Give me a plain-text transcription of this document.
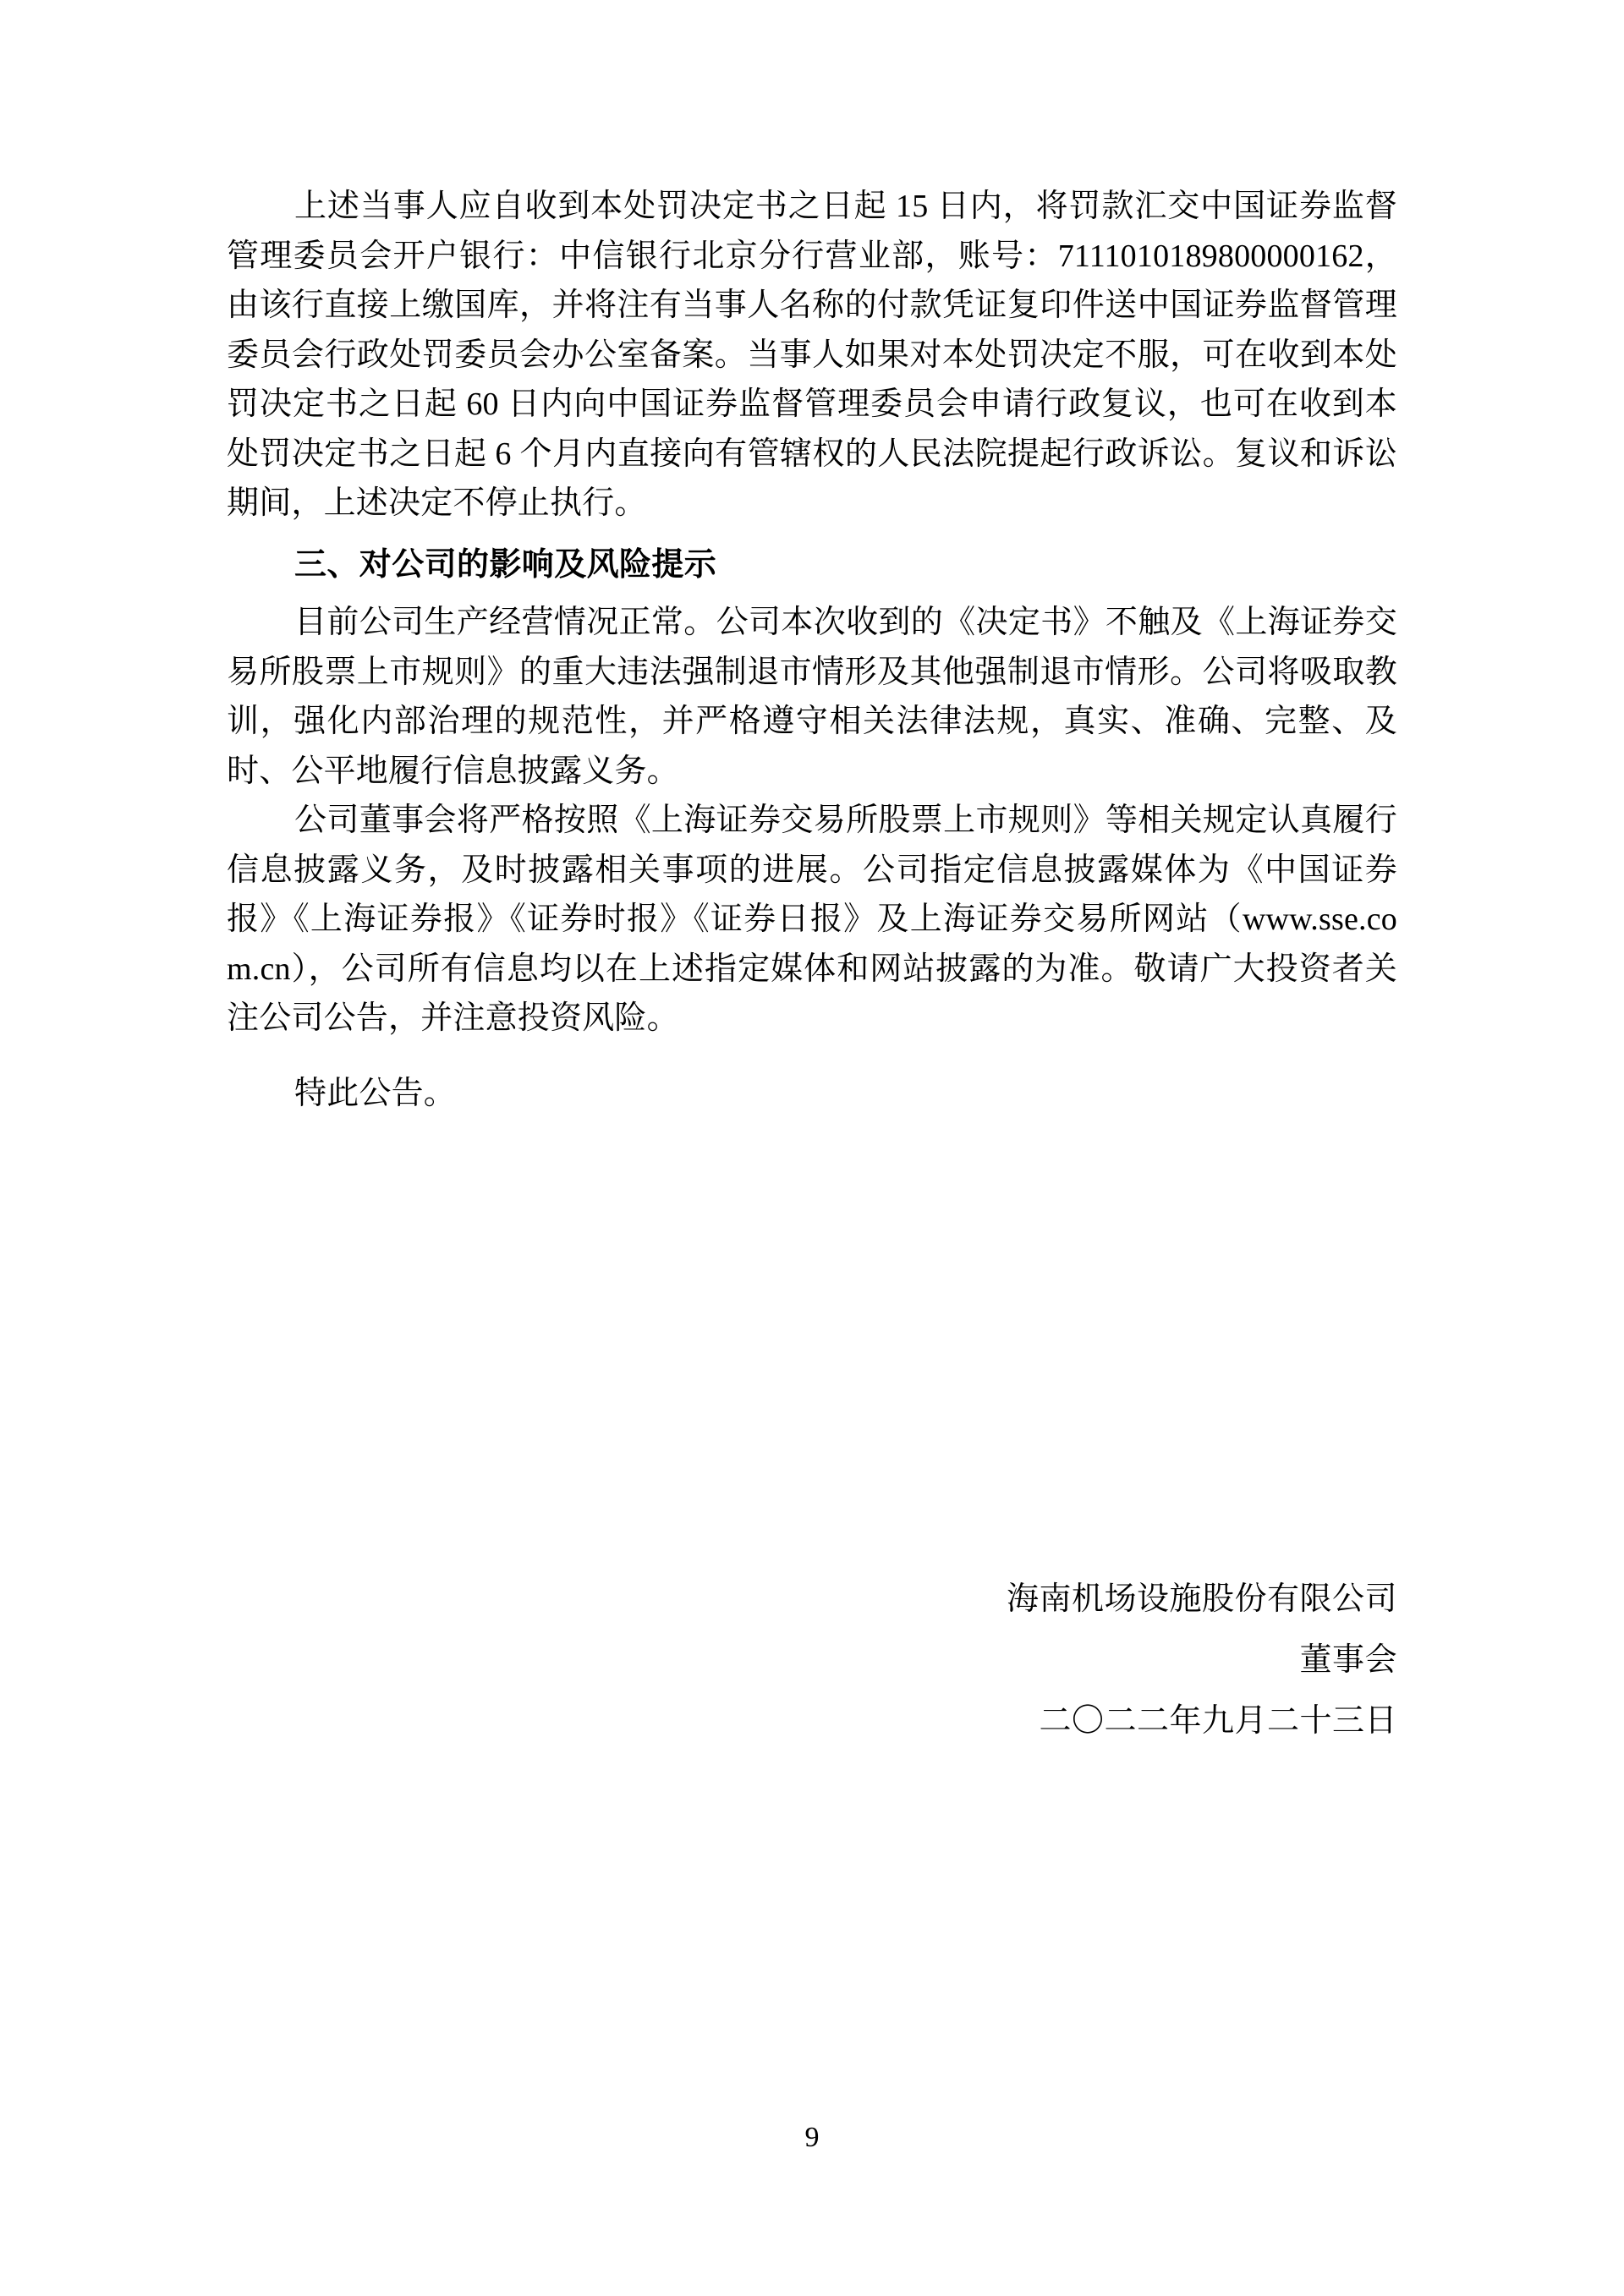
上述当事人应自收到本处罚决定书之日起 15 日内，将罚款汇交中国证券监督管理委员会开户银行：中信银行北京分行营业部，账号：7111010189800000162，由该行直接上缴国库，并将注有当事人名称的付款凭证复印件送中国证券监督管理委员会行政处罚委员会办公室备案。当事人如果对本处罚决定不服，可在收到本处罚决定书之日起 60 日内向中国证券监督管理委员会申请行政复议，也可在收到本处罚决定书之日起 6 个月内直接向有管辖权的人民法院提起行政诉讼。复议和诉讼期间，上述决定不停止执行。

三、对公司的影响及风险提示

目前公司生产经营情况正常。公司本次收到的《决定书》不触及《上海证券交易所股票上市规则》的重大违法强制退市情形及其他强制退市情形。公司将吸取教训，强化内部治理的规范性，并严格遵守相关法律法规，真实、准确、完整、及时、公平地履行信息披露义务。

公司董事会将严格按照《上海证券交易所股票上市规则》等相关规定认真履行信息披露义务，及时披露相关事项的进展。公司指定信息披露媒体为《中国证券报》《上海证券报》《证券时报》《证券日报》及上海证券交易所网站（www.sse.com.cn），公司所有信息均以在上述指定媒体和网站披露的为准。敬请广大投资者关注公司公告，并注意投资风险。

特此公告。

海南机场设施股份有限公司
董事会
二〇二二年九月二十三日
9
